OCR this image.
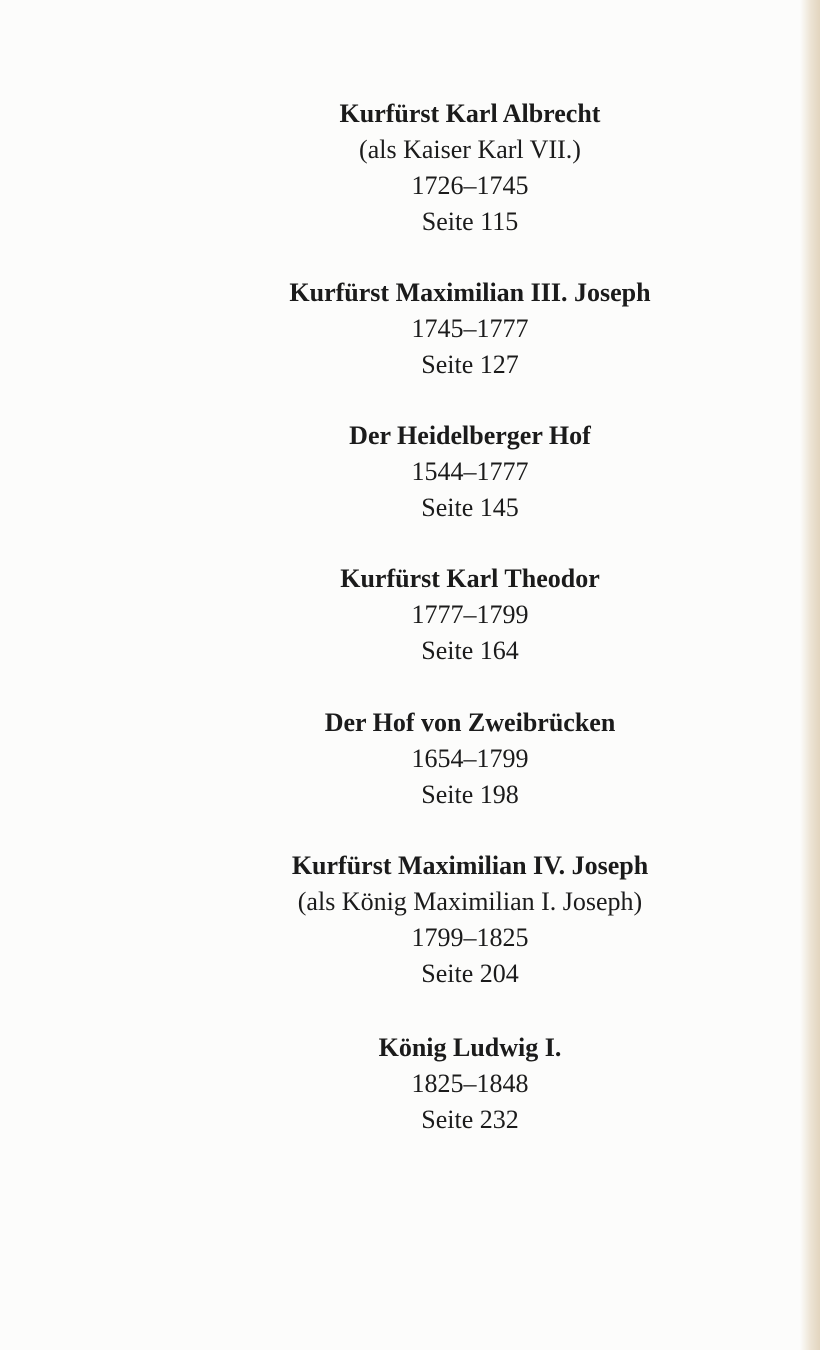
Kurfürst Karl Albrecht
(als Kaiser Karl VII.)
1726–1745
Seite 115
Kurfürst Maximilian III. Joseph
1745–1777
Seite 127
Der Heidelberger Hof
1544–1777
Seite 145
Kurfürst Karl Theodor
1777–1799
Seite 164
Der Hof von Zweibrücken
1654–1799
Seite 198
Kurfürst Maximilian IV. Joseph
(als König Maximilian I. Joseph)
1799–1825
Seite 204
König Ludwig I.
1825–1848
Seite 232
